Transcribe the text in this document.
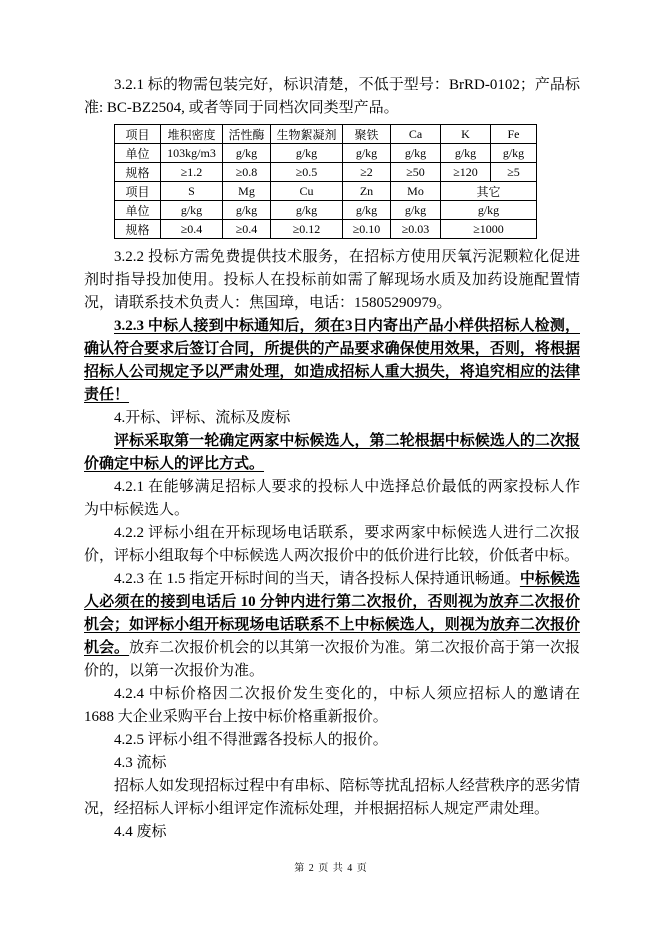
3.2.1 标的物需包装完好，标识清楚，不低于型号：BrRD-0102；产品标准: BC-BZ2504, 或者等同于同档次同类型产品。

项目	堆积密度	活性酶	生物絮凝剂	聚铁	Ca	K	Fe
单位	103kg/m3	g/kg	g/kg	g/kg	g/kg	g/kg	g/kg
规格	≥1.2	≥0.8	≥0.5	≥2	≥50	≥120	≥5
项目	S	Mg	Cu	Zn	Mo	其它	
单位	g/kg	g/kg	g/kg	g/kg	g/kg	g/kg	
规格	≥0.4	≥0.4	≥0.12	≥0.10	≥0.03	≥1000	

3.2.2 投标方需免费提供技术服务，在招标方使用厌氧污泥颗粒化促进剂时指导投加使用。投标人在投标前如需了解现场水质及加药设施配置情况，请联系技术负责人：焦国璋，电话：15805290979。

3.2.3 中标人接到中标通知后，须在3日内寄出产品小样供招标人检测，确认符合要求后签订合同，所提供的产品要求确保使用效果，否则，将根据招标人公司规定予以严肃处理，如造成招标人重大损失，将追究相应的法律责任！

4.开标、评标、流标及废标

评标采取第一轮确定两家中标候选人，第二轮根据中标候选人的二次报价确定中标人的评比方式。

4.2.1 在能够满足招标人要求的投标人中选择总价最低的两家投标人作为中标候选人。

4.2.2 评标小组在开标现场电话联系，要求两家中标候选人进行二次报价，评标小组取每个中标候选人两次报价中的低价进行比较，价低者中标。

4.2.3 在 1.5 指定开标时间的当天，请各投标人保持通讯畅通。中标候选人必须在的接到电话后 10 分钟内进行第二次报价，否则视为放弃二次报价机会；如评标小组开标现场电话联系不上中标候选人，则视为放弃二次报价机会。放弃二次报价机会的以其第一次报价为准。第二次报价高于第一次报价的，以第一次报价为准。

4.2.4 中标价格因二次报价发生变化的，中标人须应招标人的邀请在 1688 大企业采购平台上按中标价格重新报价。

4.2.5 评标小组不得泄露各投标人的报价。

4.3 流标

招标人如发现招标过程中有串标、陪标等扰乱招标人经营秩序的恶劣情况，经招标人评标小组评定作流标处理，并根据招标人规定严肃处理。

4.4 废标

第 2 页 共 4 页
